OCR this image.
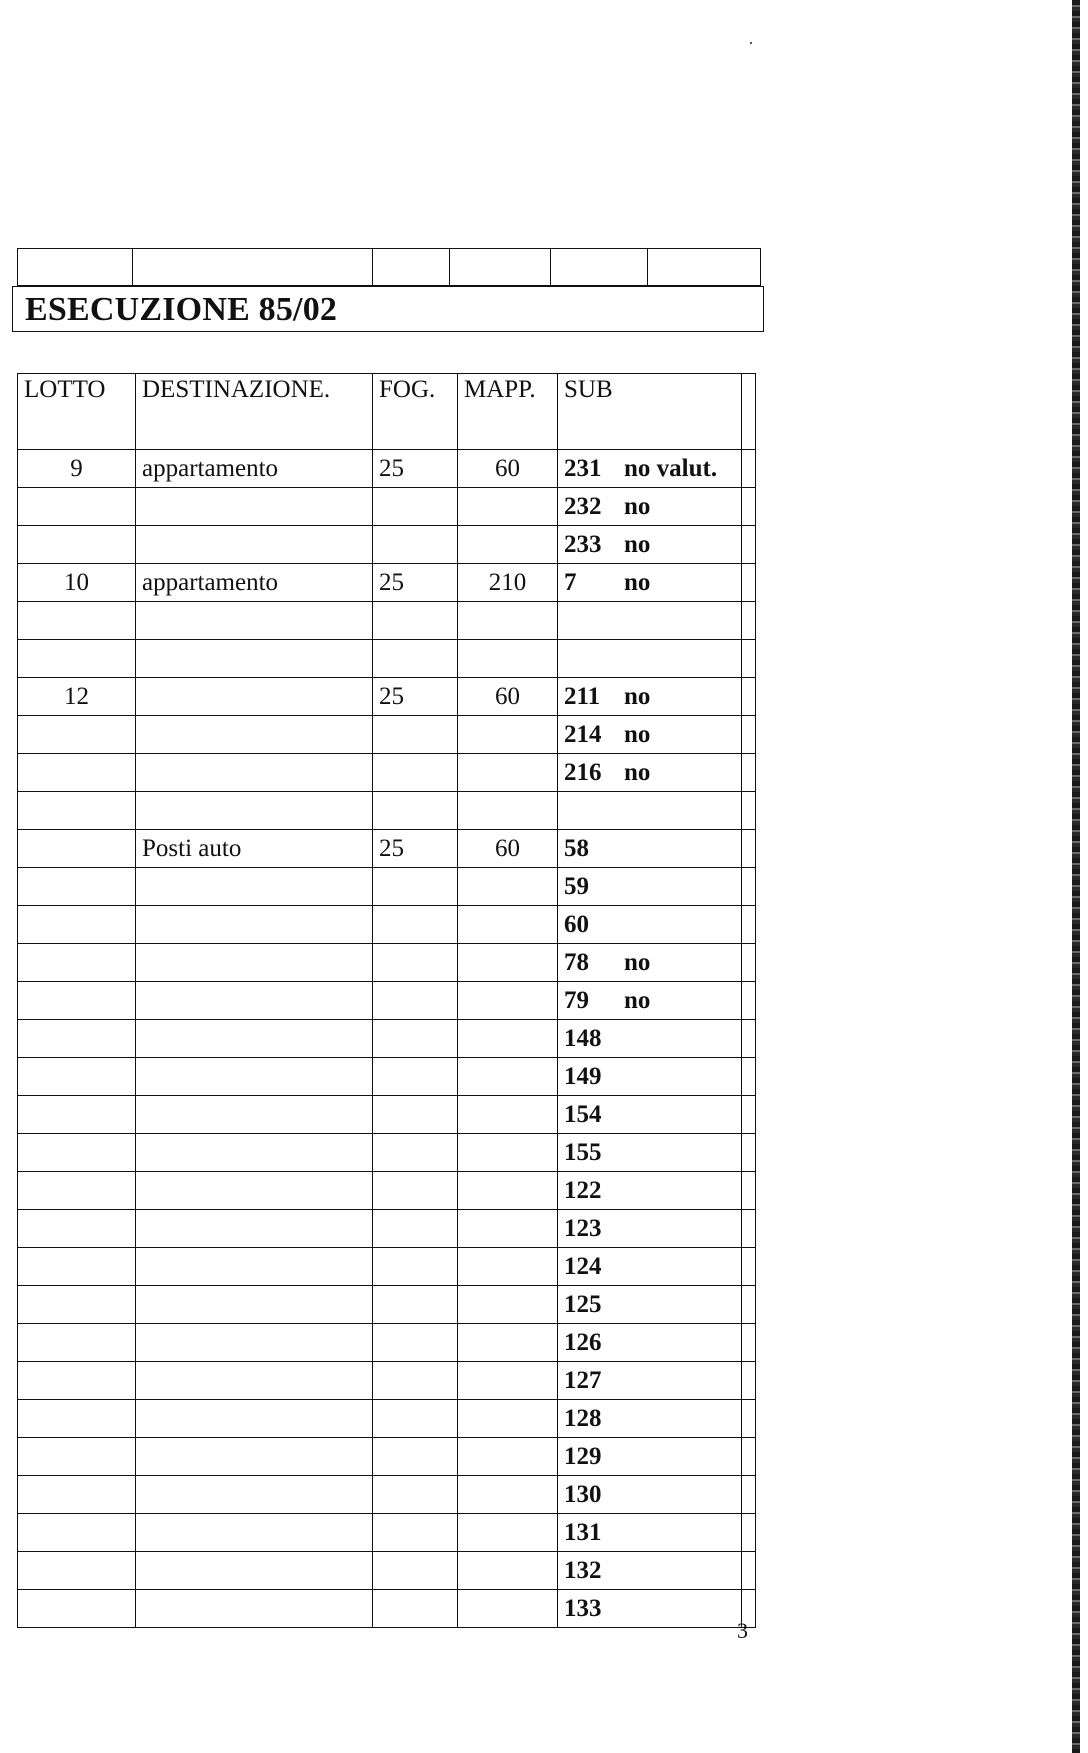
ESECUZIONE 85/02
LOTTO	DESTINAZIONE.	FOG.	MAPP.	SUB	
9	appartamento	25	60	231 no valut.	
				232 no	
				233 no	
10	appartamento	25	210	7 no	

12		25	60	211 no	
				214 no	
				216 no	

	Posti auto	25	60	58	
				59	
				60	
				78 no	
				79 no	
				148	
				149	
				154	
				155	
				122	
				123	
				124	
				125	
				126	
				127	
				128	
				129	
				130	
				131	
				132	
				133	
3
